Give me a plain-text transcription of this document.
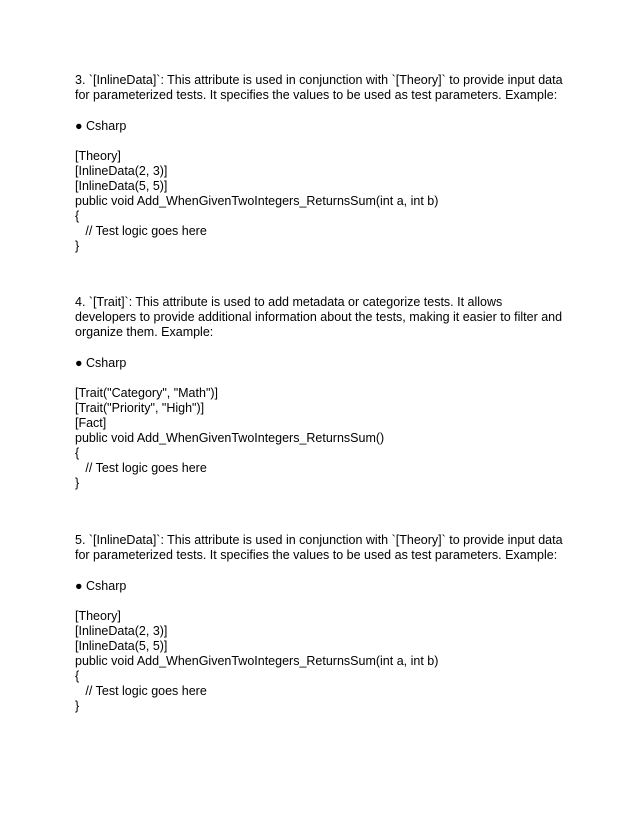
3. `[InlineData]`: This attribute is used in conjunction with `[Theory]` to provide input data for parameterized tests. It specifies the values to be used as test parameters. Example:

● Csharp

[Theory]

[InlineData(2, 3)]

[InlineData(5, 5)]

public void Add_WhenGivenTwoIntegers_ReturnsSum(int a, int b)

{

// Test logic goes here

}

4. `[Trait]`: This attribute is used to add metadata or categorize tests. It allows developers to provide additional information about the tests, making it easier to filter and organize them. Example:

● Csharp

[Trait("Category", "Math")]

[Trait("Priority", "High")]

[Fact]

public void Add_WhenGivenTwoIntegers_ReturnsSum()

{

// Test logic goes here

}

5. `[InlineData]`: This attribute is used in conjunction with `[Theory]` to provide input data for parameterized tests. It specifies the values to be used as test parameters. Example:

● Csharp

[Theory]

[InlineData(2, 3)]

[InlineData(5, 5)]

public void Add_WhenGivenTwoIntegers_ReturnsSum(int a, int b)

{

// Test logic goes here

}
